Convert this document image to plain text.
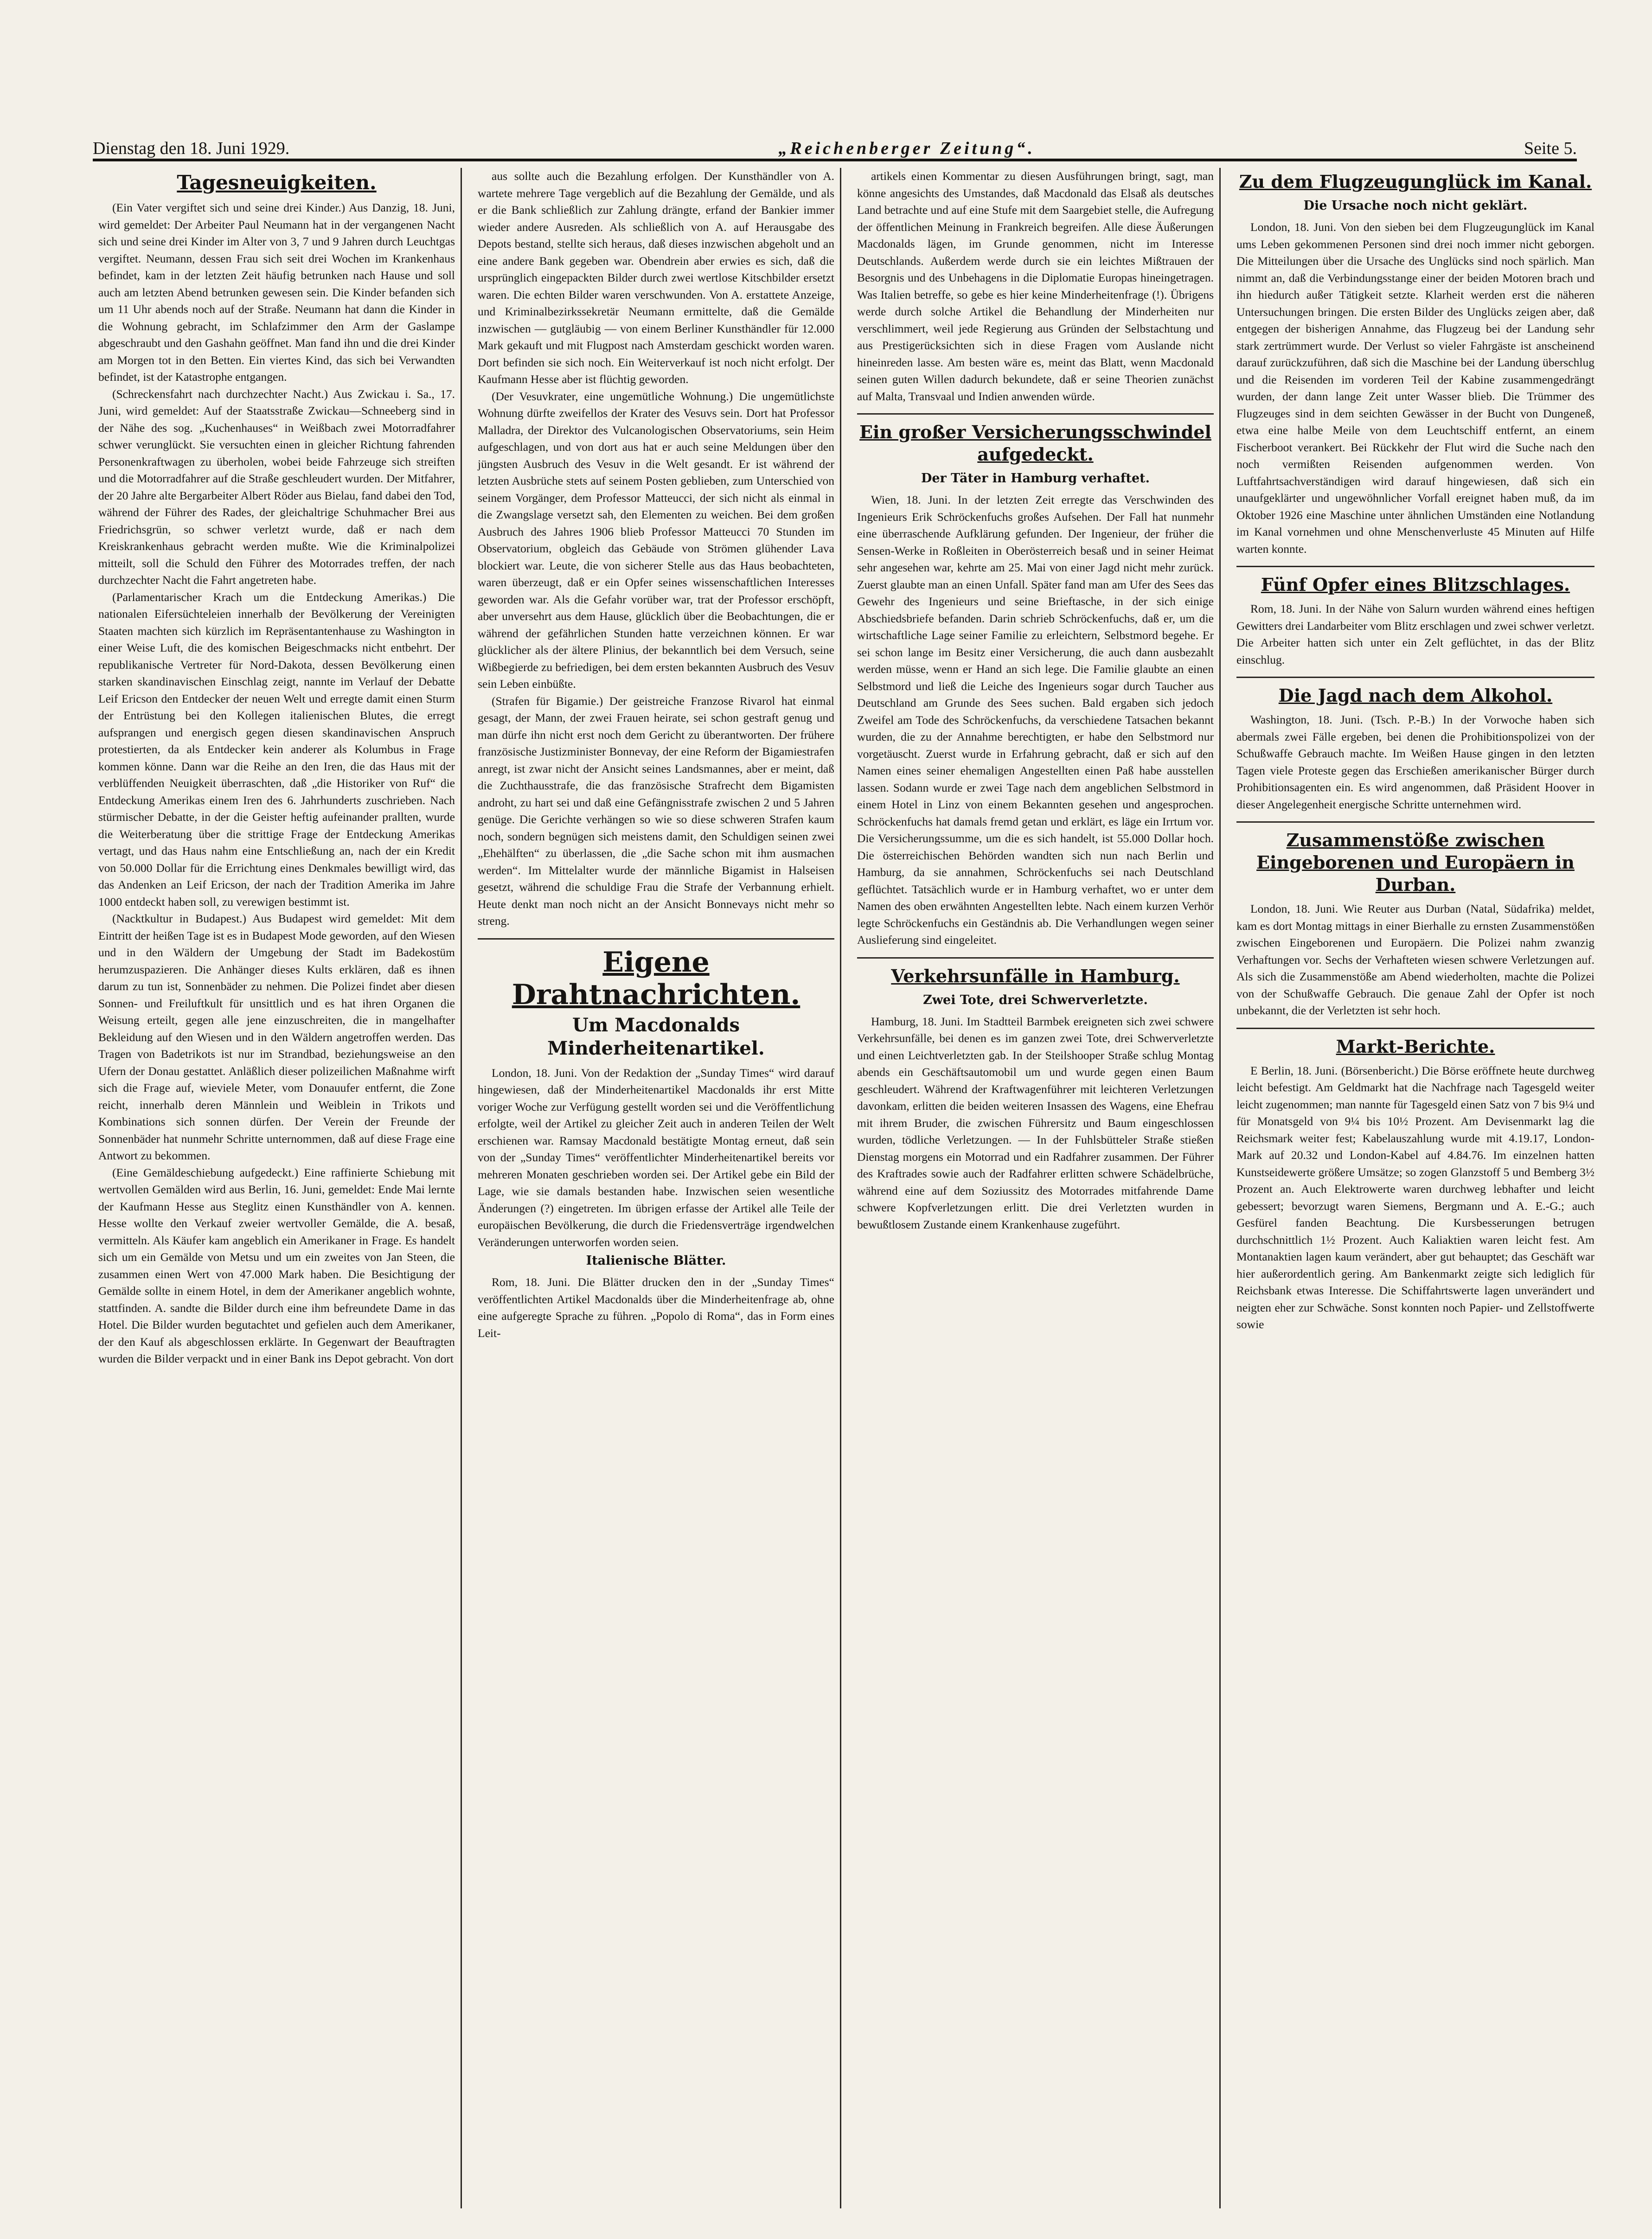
Dienstag den 18. Juni 1929.	„Reichenberger Zeitung“.	Seite 5.
Tagesneuigkeiten.

(Ein Vater vergiftet sich und seine drei Kinder.) Aus Danzig, 18. Juni, wird gemeldet: Der Arbeiter Paul Neumann hat in der vergangenen Nacht sich und seine drei Kinder im Alter von 3, 7 und 9 Jahren durch Leuchtgas vergiftet. Neumann, dessen Frau sich seit drei Wochen im Krankenhaus befindet, kam in der letzten Zeit häufig betrunken nach Hause und soll auch am letzten Abend betrunken gewesen sein. Die Kinder befanden sich um 11 Uhr abends noch auf der Straße. Neumann hat dann die Kinder in die Wohnung gebracht, im Schlafzimmer den Arm der Gaslampe abgeschraubt und den Gashahn geöffnet. Man fand ihn und die drei Kinder am Morgen tot in den Betten. Ein viertes Kind, das sich bei Verwandten befindet, ist der Katastrophe entgangen.

(Schreckensfahrt nach durchzechter Nacht.) Aus Zwickau i. Sa., 17. Juni, wird gemeldet: Auf der Staatsstraße Zwickau—Schneeberg sind in der Nähe des sog. „Kuchenhauses“ in Weißbach zwei Motorradfahrer schwer verunglückt. Sie versuchten einen in gleicher Richtung fahrenden Personenkraftwagen zu überholen, wobei beide Fahrzeuge sich streiften und die Motorradfahrer auf die Straße geschleudert wurden. Der Mitfahrer, der 20 Jahre alte Bergarbeiter Albert Röder aus Bielau, fand dabei den Tod, während der Führer des Rades, der gleichaltrige Schuhmacher Brei aus Friedrichsgrün, so schwer verletzt wurde, daß er nach dem Kreiskrankenhaus gebracht werden mußte. Wie die Kriminalpolizei mitteilt, soll die Schuld den Führer des Motorrades treffen, der nach durchzechter Nacht die Fahrt angetreten habe.

(Parlamentarischer Krach um die Entdeckung Amerikas.) Die nationalen Eifersüchteleien innerhalb der Bevölkerung der Vereinigten Staaten machten sich kürzlich im Repräsentantenhause zu Washington in einer Weise Luft, die des komischen Beigeschmacks nicht entbehrt. Der republikanische Vertreter für Nord-Dakota, dessen Bevölkerung einen starken skandinavischen Einschlag zeigt, nannte im Verlauf der Debatte Leif Ericson den Entdecker der neuen Welt und erregte damit einen Sturm der Entrüstung bei den Kollegen italienischen Blutes, die erregt aufsprangen und energisch gegen diesen skandinavischen Anspruch protestierten, da als Entdecker kein anderer als Kolumbus in Frage kommen könne. Dann war die Reihe an den Iren, die das Haus mit der verblüffenden Neuigkeit überraschten, daß „die Historiker von Ruf“ die Entdeckung Amerikas einem Iren des 6. Jahrhunderts zuschrieben. Nach stürmischer Debatte, in der die Geister heftig aufeinander prallten, wurde die Weiterberatung über die strittige Frage der Entdeckung Amerikas vertagt, und das Haus nahm eine Entschließung an, nach der ein Kredit von 50.000 Dollar für die Errichtung eines Denkmales bewilligt wird, das das Andenken an Leif Ericson, der nach der Tradition Amerika im Jahre 1000 entdeckt haben soll, zu verewigen bestimmt ist.

(Nacktkultur in Budapest.) Aus Budapest wird gemeldet: Mit dem Eintritt der heißen Tage ist es in Budapest Mode geworden, auf den Wiesen und in den Wäldern der Umgebung der Stadt im Badekostüm herumzuspazieren. Die Anhänger dieses Kults erklären, daß es ihnen darum zu tun ist, Sonnenbäder zu nehmen. Die Polizei findet aber diesen Sonnen- und Freiluftkult für unsittlich und es hat ihren Organen die Weisung erteilt, gegen alle jene einzuschreiten, die in mangelhafter Bekleidung auf den Wiesen und in den Wäldern angetroffen werden. Das Tragen von Badetrikots ist nur im Strandbad, beziehungsweise an den Ufern der Donau gestattet. Anläßlich dieser polizeilichen Maßnahme wirft sich die Frage auf, wieviele Meter, vom Donauufer entfernt, die Zone reicht, innerhalb deren Männlein und Weiblein in Trikots und Kombinations sich sonnen dürfen. Der Verein der Freunde der Sonnenbäder hat nunmehr Schritte unternommen, daß auf diese Frage eine Antwort zu bekommen.

(Eine Gemäldeschiebung aufgedeckt.) Eine raffinierte Schiebung mit wertvollen Gemälden wird aus Berlin, 16. Juni, gemeldet: Ende Mai lernte der Kaufmann Hesse aus Steglitz einen Kunsthändler von A. kennen. Hesse wollte den Verkauf zweier wertvoller Gemälde, die A. besaß, vermitteln. Als Käufer kam angeblich ein Amerikaner in Frage. Es handelt sich um ein Gemälde von Metsu und um ein zweites von Jan Steen, die zusammen einen Wert von 47.000 Mark haben. Die Besichtigung der Gemälde sollte in einem Hotel, in dem der Amerikaner angeblich wohnte, stattfinden. A. sandte die Bilder durch eine ihm befreundete Dame in das Hotel. Die Bilder wurden begutachtet und gefielen auch dem Amerikaner, der den Kauf als abgeschlossen erklärte. In Gegenwart der Beauftragten wurden die Bilder verpackt und in einer Bank ins Depot gebracht. Von dort

aus sollte auch die Bezahlung erfolgen. Der Kunsthändler von A. wartete mehrere Tage vergeblich auf die Bezahlung der Gemälde, und als er die Bank schließlich zur Zahlung drängte, erfand der Bankier immer wieder andere Ausreden. Als schließlich von A. auf Herausgabe des Depots bestand, stellte sich heraus, daß dieses inzwischen abgeholt und an eine andere Bank gegeben war. Obendrein aber erwies es sich, daß die ursprünglich eingepackten Bilder durch zwei wertlose Kitschbilder ersetzt waren. Die echten Bilder waren verschwunden. Von A. erstattete Anzeige, und Kriminalbezirkssekretär Neumann ermittelte, daß die Gemälde inzwischen — gutgläubig — von einem Berliner Kunsthändler für 12.000 Mark gekauft und mit Flugpost nach Amsterdam geschickt worden waren. Dort befinden sie sich noch. Ein Weiterverkauf ist noch nicht erfolgt. Der Kaufmann Hesse aber ist flüchtig geworden.

(Der Vesuvkrater, eine ungemütliche Wohnung.) Die ungemütlichste Wohnung dürfte zweifellos der Krater des Vesuvs sein. Dort hat Professor Malladra, der Direktor des Vulcanologischen Observatoriums, sein Heim aufgeschlagen, und von dort aus hat er auch seine Meldungen über den jüngsten Ausbruch des Vesuv in die Welt gesandt. Er ist während der letzten Ausbrüche stets auf seinem Posten geblieben, zum Unterschied von seinem Vorgänger, dem Professor Matteucci, der sich nicht als einmal in die Zwangslage versetzt sah, den Elementen zu weichen. Bei dem großen Ausbruch des Jahres 1906 blieb Professor Matteucci 70 Stunden im Observatorium, obgleich das Gebäude von Strömen glühender Lava blockiert war. Leute, die von sicherer Stelle aus das Haus beobachteten, waren überzeugt, daß er ein Opfer seines wissenschaftlichen Interesses geworden war. Als die Gefahr vorüber war, trat der Professor erschöpft, aber unversehrt aus dem Hause, glücklich über die Beobachtungen, die er während der gefährlichen Stunden hatte verzeichnen können. Er war glücklicher als der ältere Plinius, der bekanntlich bei dem Versuch, seine Wißbegierde zu befriedigen, bei dem ersten bekannten Ausbruch des Vesuv sein Leben einbüßte.

(Strafen für Bigamie.) Der geistreiche Franzose Rivarol hat einmal gesagt, der Mann, der zwei Frauen heirate, sei schon gestraft genug und man dürfe ihn nicht erst noch dem Gericht zu überantworten. Der frühere französische Justizminister Bonnevay, der eine Reform der Bigamiestrafen anregt, ist zwar nicht der Ansicht seines Landsmannes, aber er meint, daß die Zuchthausstrafe, die das französische Strafrecht dem Bigamisten androht, zu hart sei und daß eine Gefängnisstrafe zwischen 2 und 5 Jahren genüge. Die Gerichte verhängen so wie so diese schweren Strafen kaum noch, sondern begnügen sich meistens damit, den Schuldigen seinen zwei „Ehehälften“ zu überlassen, die „die Sache schon mit ihm ausmachen werden“. Im Mittelalter wurde der männliche Bigamist in Halseisen gesetzt, während die schuldige Frau die Strafe der Verbannung erhielt. Heute denkt man noch nicht an der Ansicht Bonnevays nicht mehr so streng.

Eigene Drahtnachrichten.
Um Macdonalds Minderheitenartikel.

London, 18. Juni. Von der Redaktion der „Sunday Times“ wird darauf hingewiesen, daß der Minderheitenartikel Macdonalds ihr erst Mitte voriger Woche zur Verfügung gestellt worden sei und die Veröffentlichung erfolgte, weil der Artikel zu gleicher Zeit auch in anderen Teilen der Welt erschienen war. Ramsay Macdonald bestätigte Montag erneut, daß sein von der „Sunday Times“ veröffentlichter Minderheitenartikel bereits vor mehreren Monaten geschrieben worden sei. Der Artikel gebe ein Bild der Lage, wie sie damals bestanden habe. Inzwischen seien wesentliche Änderungen (?) eingetreten. Im übrigen erfasse der Artikel alle Teile der europäischen Bevölkerung, die durch die Friedensverträge irgendwelchen Veränderungen unterworfen worden seien.

Italienische Blätter.

Rom, 18. Juni. Die Blätter drucken den in der „Sunday Times“ veröffentlichten Artikel Macdonalds über die Minderheitenfrage ab, ohne eine aufgeregte Sprache zu führen. „Popolo di Roma“, das in Form eines Leit-

artikels einen Kommentar zu diesen Ausführungen bringt, sagt, man könne angesichts des Umstandes, daß Macdonald das Elsaß als deutsches Land betrachte und auf eine Stufe mit dem Saargebiet stelle, die Aufregung der öffentlichen Meinung in Frankreich begreifen. Alle diese Äußerungen Macdonalds lägen, im Grunde genommen, nicht im Interesse Deutschlands. Außerdem werde durch sie ein leichtes Mißtrauen der Besorgnis und des Unbehagens in die Diplomatie Europas hineingetragen. Was Italien betreffe, so gebe es hier keine Minderheitenfrage (!). Übrigens werde durch solche Artikel die Behandlung der Minderheiten nur verschlimmert, weil jede Regierung aus Gründen der Selbstachtung und aus Prestigerücksichten sich in diese Fragen vom Auslande nicht hineinreden lasse. Am besten wäre es, meint das Blatt, wenn Macdonald seinen guten Willen dadurch bekundete, daß er seine Theorien zunächst auf Malta, Transvaal und Indien anwenden würde.

Ein großer Versicherungsschwindel aufgedeckt.
Der Täter in Hamburg verhaftet.

Wien, 18. Juni. In der letzten Zeit erregte das Verschwinden des Ingenieurs Erik Schröckenfuchs großes Aufsehen. Der Fall hat nunmehr eine überraschende Aufklärung gefunden. Der Ingenieur, der früher die Sensen-Werke in Roßleiten in Oberösterreich besaß und in seiner Heimat sehr angesehen war, kehrte am 25. Mai von einer Jagd nicht mehr zurück. Zuerst glaubte man an einen Unfall. Später fand man am Ufer des Sees das Gewehr des Ingenieurs und seine Brieftasche, in der sich einige Abschiedsbriefe befanden. Darin schrieb Schröckenfuchs, daß er, um die wirtschaftliche Lage seiner Familie zu erleichtern, Selbstmord begehe. Er sei schon lange im Besitz einer Versicherung, die auch dann ausbezahlt werden müsse, wenn er Hand an sich lege. Die Familie glaubte an einen Selbstmord und ließ die Leiche des Ingenieurs sogar durch Taucher aus Deutschland am Grunde des Sees suchen. Bald ergaben sich jedoch Zweifel am Tode des Schröckenfuchs, da verschiedene Tatsachen bekannt wurden, die zu der Annahme berechtigten, er habe den Selbstmord nur vorgetäuscht. Zuerst wurde in Erfahrung gebracht, daß er sich auf den Namen eines seiner ehemaligen Angestellten einen Paß habe ausstellen lassen. Sodann wurde er zwei Tage nach dem angeblichen Selbstmord in einem Hotel in Linz von einem Bekannten gesehen und angesprochen. Schröckenfuchs hat damals fremd getan und erklärt, es läge ein Irrtum vor. Die Versicherungssumme, um die es sich handelt, ist 55.000 Dollar hoch. Die österreichischen Behörden wandten sich nun nach Berlin und Hamburg, da sie annahmen, Schröckenfuchs sei nach Deutschland geflüchtet. Tatsächlich wurde er in Hamburg verhaftet, wo er unter dem Namen des oben erwähnten Angestellten lebte. Nach einem kurzen Verhör legte Schröckenfuchs ein Geständnis ab. Die Verhandlungen wegen seiner Auslieferung sind eingeleitet.

Verkehrsunfälle in Hamburg.
Zwei Tote, drei Schwerverletzte.

Hamburg, 18. Juni. Im Stadtteil Barmbek ereigneten sich zwei schwere Verkehrsunfälle, bei denen es im ganzen zwei Tote, drei Schwerverletzte und einen Leichtverletzten gab. In der Steilshooper Straße schlug Montag abends ein Geschäftsautomobil um und wurde gegen einen Baum geschleudert. Während der Kraftwagenführer mit leichteren Verletzungen davonkam, erlitten die beiden weiteren Insassen des Wagens, eine Ehefrau mit ihrem Bruder, die zwischen Führersitz und Baum eingeschlossen wurden, tödliche Verletzungen. — In der Fuhlsbütteler Straße stießen Dienstag morgens ein Motorrad und ein Radfahrer zusammen. Der Führer des Kraftrades sowie auch der Radfahrer erlitten schwere Schädelbrüche, während eine auf dem Soziussitz des Motorrades mitfahrende Dame schwere Kopfverletzungen erlitt. Die drei Verletzten wurden in bewußtlosem Zustande einem Krankenhause zugeführt.

Zu dem Flugzeugunglück im Kanal.
Die Ursache noch nicht geklärt.

London, 18. Juni. Von den sieben bei dem Flugzeugunglück im Kanal ums Leben gekommenen Personen sind drei noch immer nicht geborgen. Die Mitteilungen über die Ursache des Unglücks sind noch spärlich. Man nimmt an, daß die Verbindungsstange einer der beiden Motoren brach und ihn hiedurch außer Tätigkeit setzte. Klarheit werden erst die näheren Untersuchungen bringen. Die ersten Bilder des Unglücks zeigen aber, daß entgegen der bisherigen Annahme, das Flugzeug bei der Landung sehr stark zertrümmert wurde. Der Verlust so vieler Fahrgäste ist anscheinend darauf zurückzuführen, daß sich die Maschine bei der Landung überschlug und die Reisenden im vorderen Teil der Kabine zusammengedrängt wurden, der dann lange Zeit unter Wasser blieb. Die Trümmer des Flugzeuges sind in dem seichten Gewässer in der Bucht von Dungeneß, etwa eine halbe Meile von dem Leuchtschiff entfernt, an einem Fischerboot verankert. Bei Rückkehr der Flut wird die Suche nach den noch vermißten Reisenden aufgenommen werden. Von Luftfahrtsachverständigen wird darauf hingewiesen, daß sich ein unaufgeklärter und ungewöhnlicher Vorfall ereignet haben muß, da im Oktober 1926 eine Maschine unter ähnlichen Umständen eine Notlandung im Kanal vornehmen und ohne Menschenverluste 45 Minuten auf Hilfe warten konnte.

Fünf Opfer eines Blitzschlages.

Rom, 18. Juni. In der Nähe von Salurn wurden während eines heftigen Gewitters drei Landarbeiter vom Blitz erschlagen und zwei schwer verletzt. Die Arbeiter hatten sich unter ein Zelt geflüchtet, in das der Blitz einschlug.

Die Jagd nach dem Alkohol.

Washington, 18. Juni. (Tsch. P.-B.) In der Vorwoche haben sich abermals zwei Fälle ergeben, bei denen die Prohibitionspolizei von der Schußwaffe Gebrauch machte. Im Weißen Hause gingen in den letzten Tagen viele Proteste gegen das Erschießen amerikanischer Bürger durch Prohibitionsagenten ein. Es wird angenommen, daß Präsident Hoover in dieser Angelegenheit energische Schritte unternehmen wird.

Zusammenstöße zwischen Eingeborenen und Europäern in Durban.

London, 18. Juni. Wie Reuter aus Durban (Natal, Südafrika) meldet, kam es dort Montag mittags in einer Bierhalle zu ernsten Zusammenstößen zwischen Eingeborenen und Europäern. Die Polizei nahm zwanzig Verhaftungen vor. Sechs der Verhafteten wiesen schwere Verletzungen auf. Als sich die Zusammenstöße am Abend wiederholten, machte die Polizei von der Schußwaffe Gebrauch. Die genaue Zahl der Opfer ist noch unbekannt, die der Verletzten ist sehr hoch.

Markt-Berichte.

E Berlin, 18. Juni. (Börsenbericht.) Die Börse eröffnete heute durchweg leicht befestigt. Am Geldmarkt hat die Nachfrage nach Tagesgeld weiter leicht zugenommen; man nannte für Tagesgeld einen Satz von 7 bis 9¼ und für Monatsgeld von 9¼ bis 10½ Prozent. Am Devisenmarkt lag die Reichsmark weiter fest; Kabelauszahlung wurde mit 4.19.17, London-Mark auf 20.32 und London-Kabel auf 4.84.76. Im einzelnen hatten Kunstseidewerte größere Umsätze; so zogen Glanzstoff 5 und Bemberg 3½ Prozent an. Auch Elektrowerte waren durchweg lebhafter und leicht gebessert; bevorzugt waren Siemens, Bergmann und A. E.-G.; auch Gesfürel fanden Beachtung. Die Kursbesserungen betrugen durchschnittlich 1½ Prozent. Auch Kaliaktien waren leicht fest. Am Montanaktien lagen kaum verändert, aber gut behauptet; das Geschäft war hier außerordentlich gering. Am Bankenmarkt zeigte sich lediglich für Reichsbank etwas Interesse. Die Schiffahrtswerte lagen unverändert und neigten eher zur Schwäche. Sonst konnten noch Papier- und Zellstoffwerte sowie
